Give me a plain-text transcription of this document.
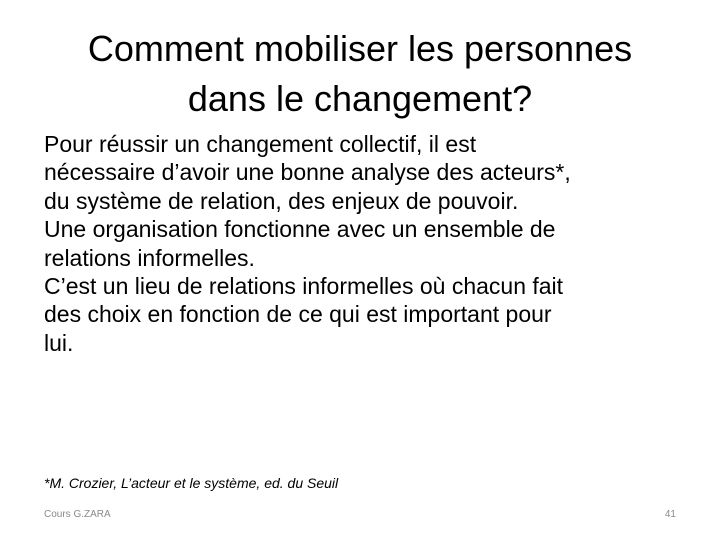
Comment mobiliser les personnes
dans le changement?

Pour réussir un changement collectif, il est
nécessaire d’avoir une bonne analyse des acteurs*,
du système de relation, des enjeux de pouvoir.

Une organisation fonctionne avec un ensemble de
relations informelles.

C’est un lieu de relations informelles où chacun fait
des choix en fonction de ce qui est important pour
lui.

*M. Crozier, L’acteur et le système, ed. du Seuil

Cours G.ZARA	41
